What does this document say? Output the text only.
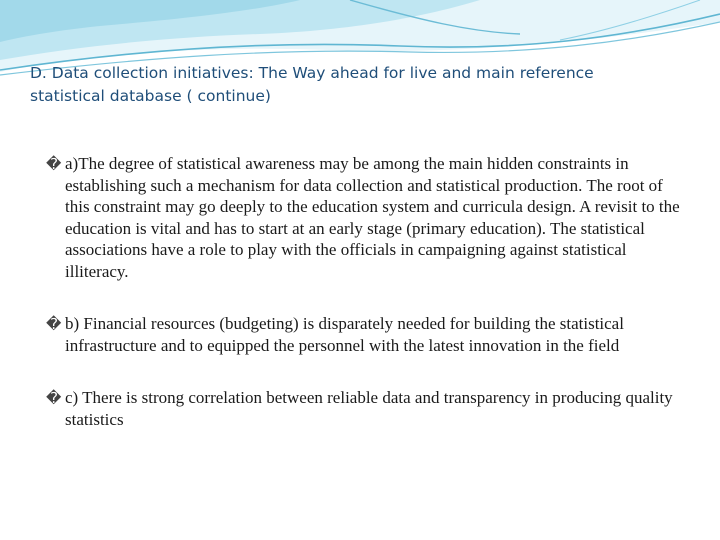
D. Data collection initiatives: The Way ahead for live and main reference statistical database ( continue)
� a)The degree of statistical awareness may be among the main hidden constraints in establishing such a mechanism for data collection and statistical production. The root of this constraint may go deeply to the education system and curricula design. A revisit to the education is vital and has to start at an early stage (primary education). The statistical associations have a role to play with the officials in campaigning against statistical illiteracy.
� b) Financial resources (budgeting) is disparately needed for building the statistical infrastructure and to equipped the personnel with the latest innovation in the field
� c) There is strong correlation between reliable data and transparency in producing quality statistics
